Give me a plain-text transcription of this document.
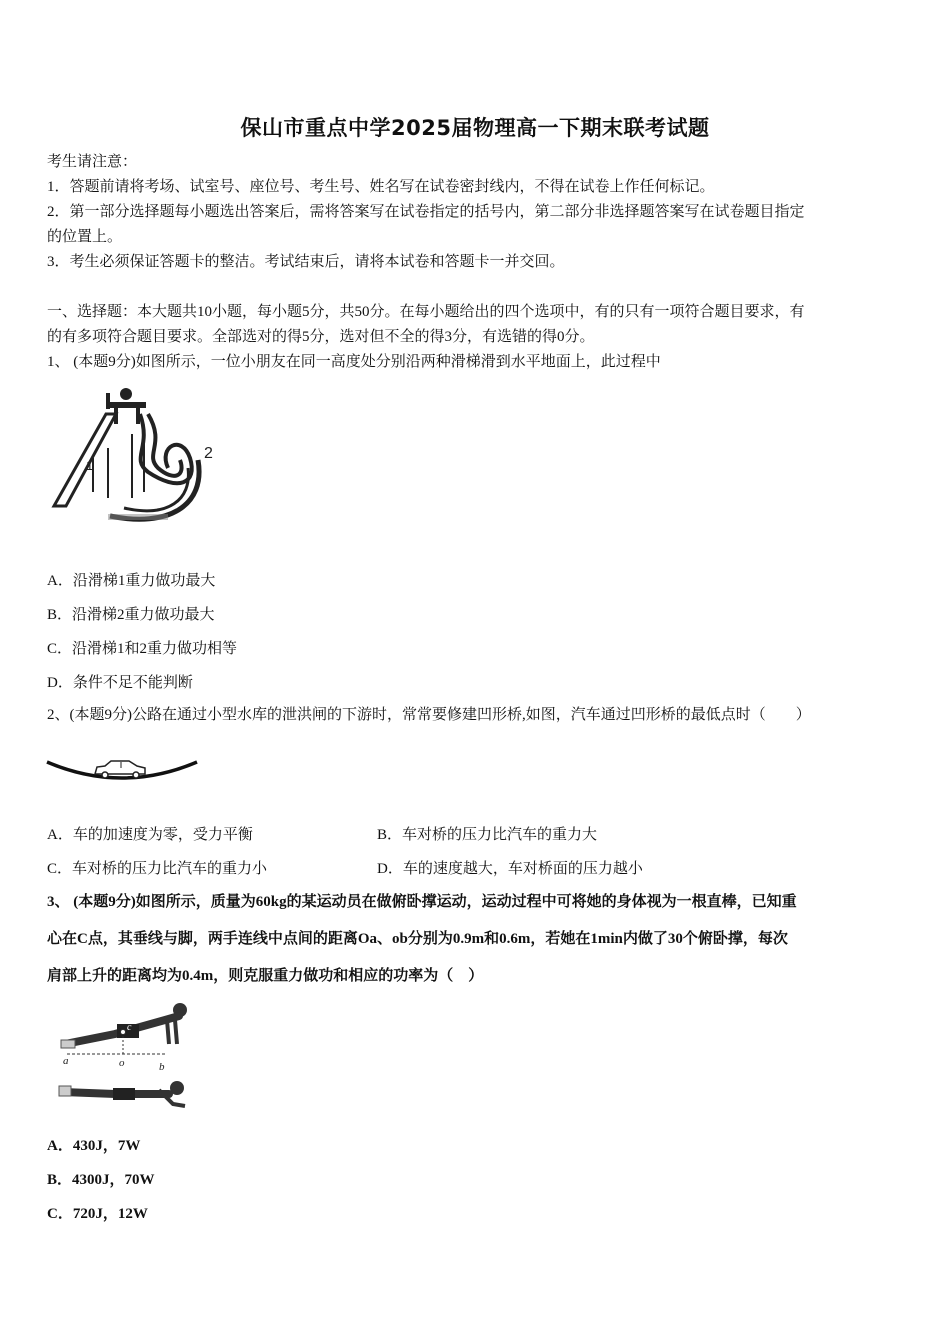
保山市重点中学2025届物理高一下期末联考试题
考生请注意：
1．答题前请将考场、试室号、座位号、考生号、姓名写在试卷密封线内，不得在试卷上作任何标记。
2．第一部分选择题每小题选出答案后，需将答案写在试卷指定的括号内，第二部分非选择题答案写在试卷题目指定
的位置上。
3．考生必须保证答题卡的整洁。考试结束后，请将本试卷和答题卡一并交回。
一、选择题：本大题共10小题，每小题5分，共50分。在每小题给出的四个选项中，有的只有一项符合题目要求，有
的有多项符合题目要求。全部选对的得5分，选对但不全的得3分，有选错的得0分。
1、 (本题9分)如图所示，一位小朋友在同一高度处分别沿两种滑梯滑到水平地面上，此过程中
1
2
A．沿滑梯1重力做功最大
B．沿滑梯2重力做功最大
C．沿滑梯1和2重力做功相等
D．条件不足不能判断
2、(本题9分)公路在通过小型水库的泄洪闸的下游时，常常要修建凹形桥,如图，汽车通过凹形桥的最低点时（　　）
A．车的加速度为零，受力平衡	B．车对桥的压力比汽车的重力大
C．车对桥的压力比汽车的重力小	D．车的速度越大，车对桥面的压力越小
3、 (本题9分)如图所示，质量为60kg的某运动员在做俯卧撑运动，运动过程中可将她的身体视为一根直棒，已知重
心在C点，其垂线与脚，两手连线中点间的距离Oa、ob分别为0.9m和0.6m，若她在1min内做了30个俯卧撑，每次
肩部上升的距离均为0.4m，则克服重力做功和相应的功率为（　）
c
a	o	b
A．430J，7W
B．4300J，70W
C．720J，12W
